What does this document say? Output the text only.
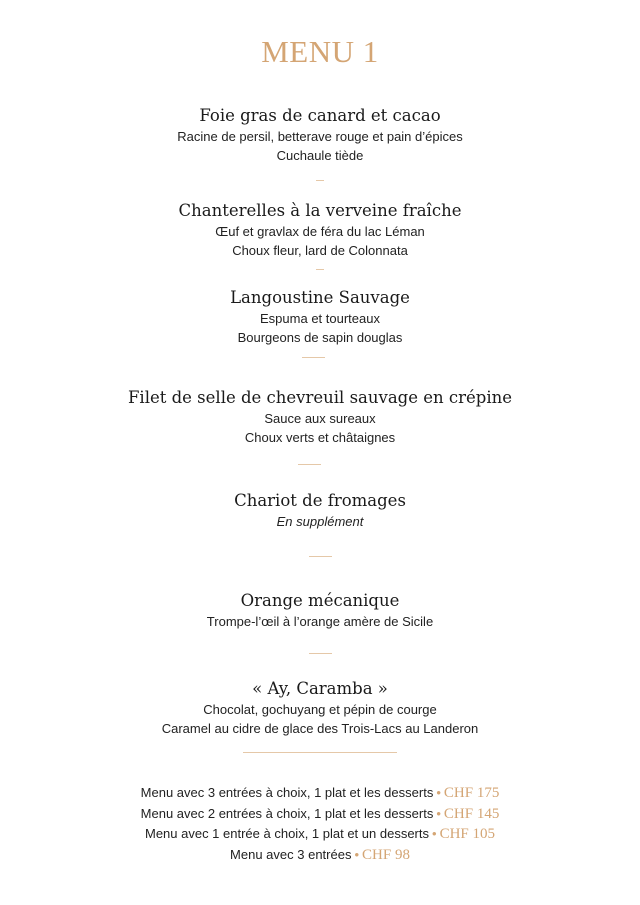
MENU 1
Foie gras de canard et cacao
Racine de persil, betterave rouge et pain d’épices
Cuchaule tiède
Chanterelles à la verveine fraîche
Œuf et gravlax de féra du lac Léman
Choux fleur, lard de Colonnata
Langoustine Sauvage
Espuma et tourteaux
Bourgeons de sapin douglas
Filet de selle de chevreuil sauvage en crépine
Sauce aux sureaux
Choux verts et châtaignes
Chariot de fromages
En supplément
Orange mécanique
Trompe-l’œil à l’orange amère de Sicile
« Ay, Caramba »
Chocolat, gochuyang et pépin de courge
Caramel au cidre de glace des Trois-Lacs au Landeron
Menu avec 3 entrées à choix, 1 plat et les desserts • CHF 175
Menu avec 2 entrées à choix, 1 plat et les desserts • CHF 145
Menu avec 1 entrée à choix, 1 plat et un desserts • CHF 105
Menu avec 3 entrées • CHF 98
